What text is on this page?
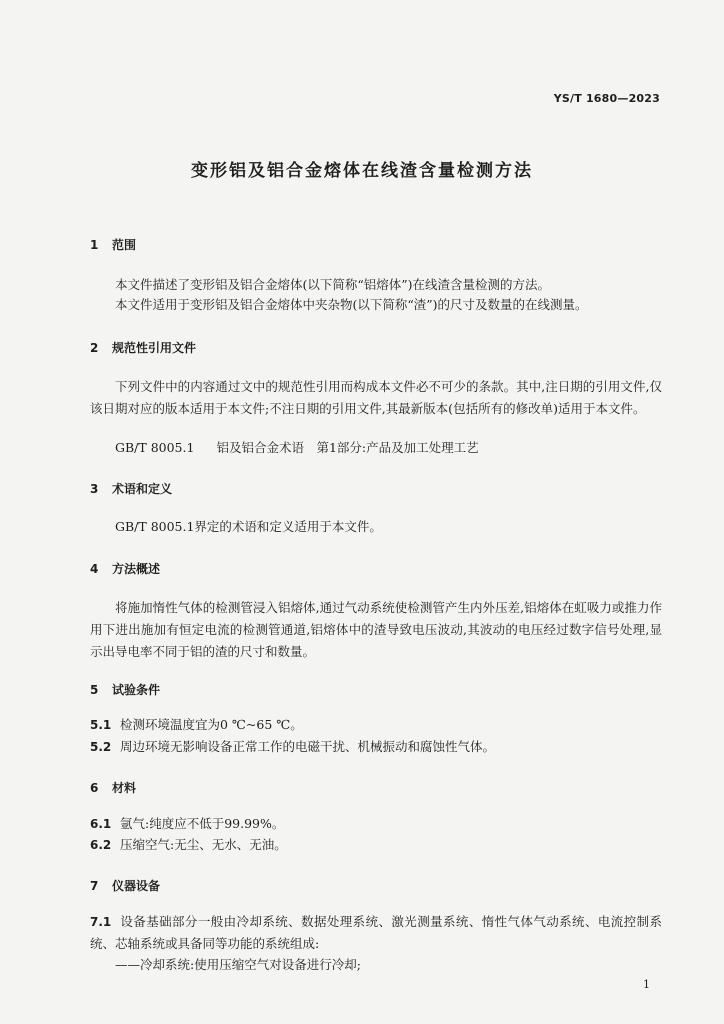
YS/T 1680—2023
变形铝及铝合金熔体在线渣含量检测方法
1 范围
本文件描述了变形铝及铝合金熔体(以下简称“铝熔体”)在线渣含量检测的方法。
本文件适用于变形铝及铝合金熔体中夹杂物(以下简称“渣”)的尺寸及数量的在线测量。
2 规范性引用文件
下列文件中的内容通过文中的规范性引用而构成本文件必不可少的条款。其中,注日期的引用文件,仅该日期对应的版本适用于本文件;不注日期的引用文件,其最新版本(包括所有的修改单)适用于本文件。
GB/T 8005.1 铝及铝合金术语　第1部分:产品及加工处理工艺
3 术语和定义
GB/T 8005.1界定的术语和定义适用于本文件。
4 方法概述
将施加惰性气体的检测管浸入铝熔体,通过气动系统使检测管产生内外压差,铝熔体在虹吸力或推力作用下进出施加有恒定电流的检测管通道,铝熔体中的渣导致电压波动,其波动的电压经过数字信号处理,显示出导电率不同于铝的渣的尺寸和数量。
5 试验条件
5.1 检测环境温度宜为0 ℃~65 ℃。
5.2 周边环境无影响设备正常工作的电磁干扰、机械振动和腐蚀性气体。
6 材料
6.1 氩气:纯度应不低于99.99%。
6.2 压缩空气:无尘、无水、无油。
7 仪器设备
7.1 设备基础部分一般由冷却系统、数据处理系统、激光测量系统、惰性气体气动系统、电流控制系统、芯轴系统或具备同等功能的系统组成:
——冷却系统:使用压缩空气对设备进行冷却;
1
